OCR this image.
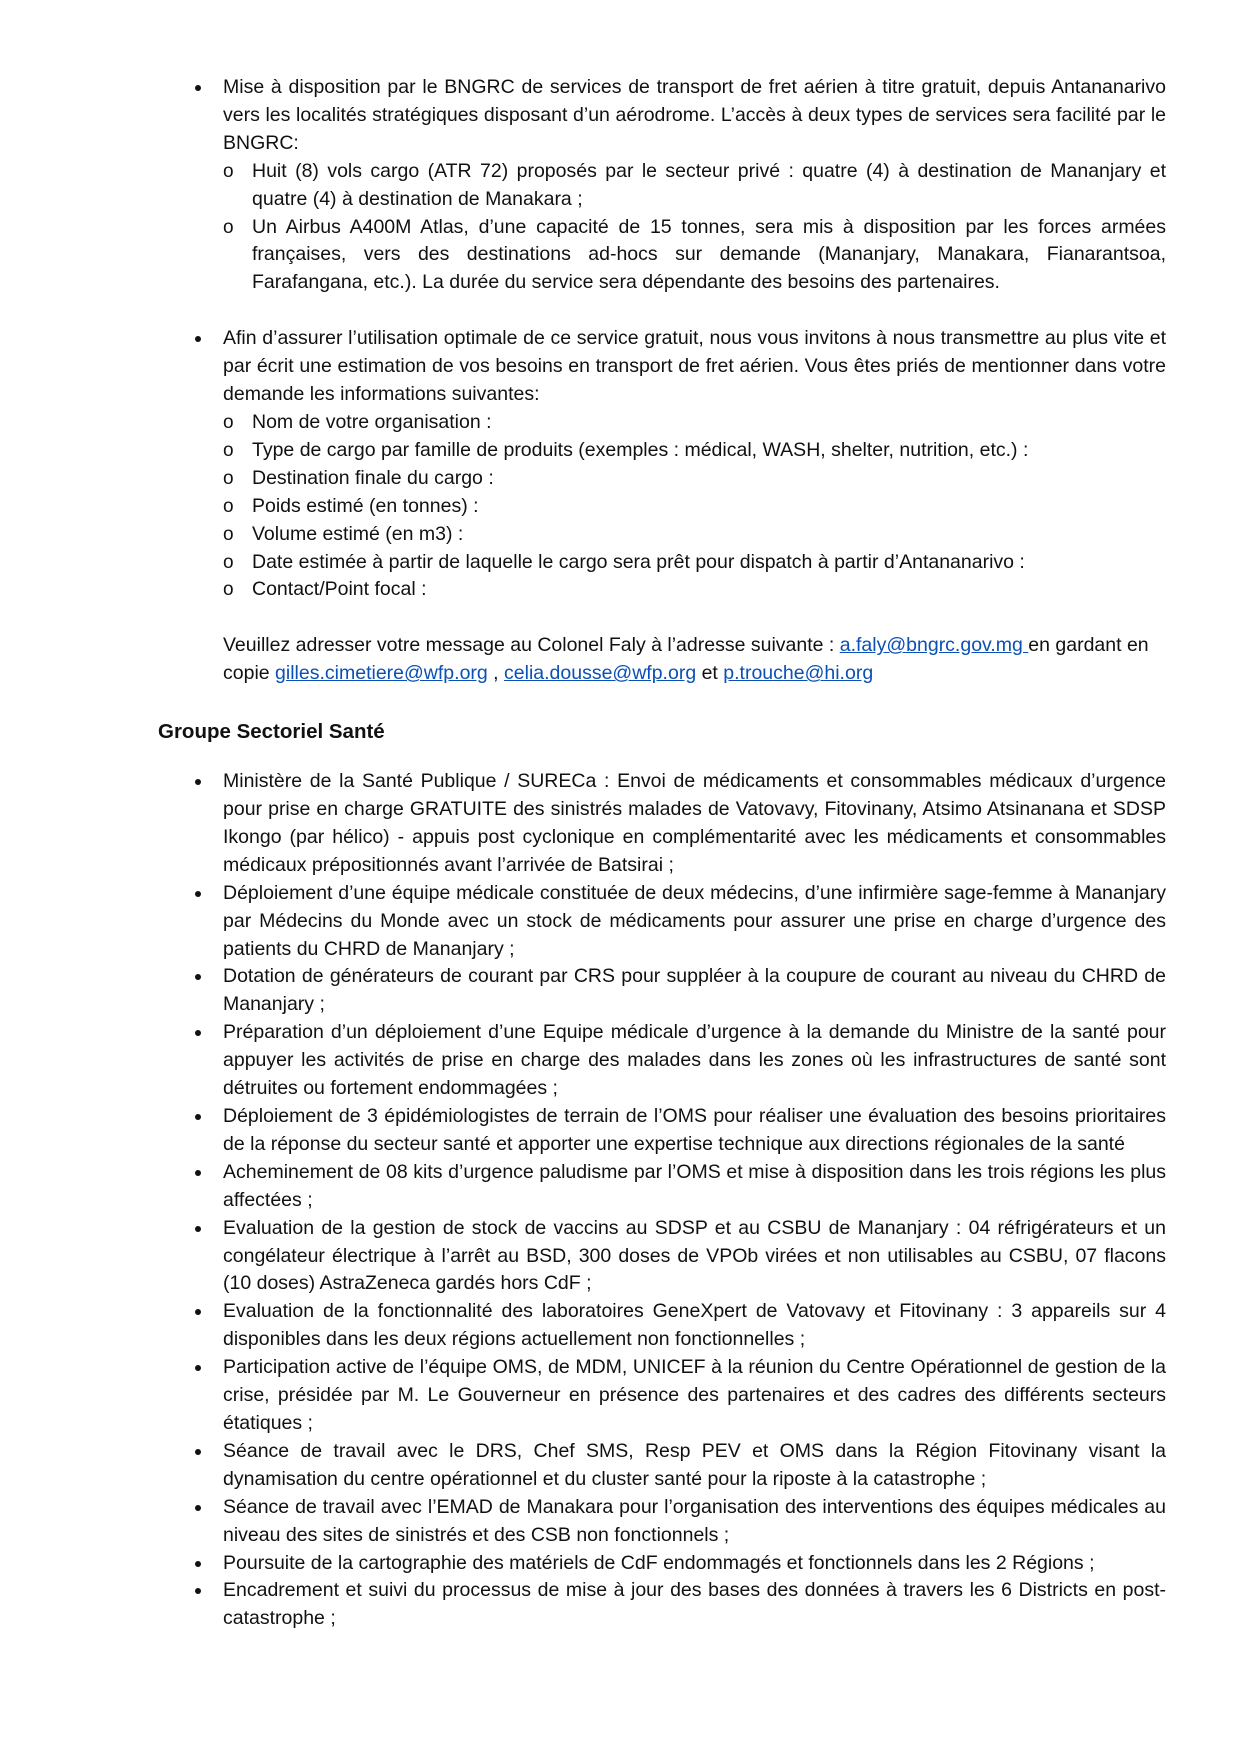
Mise à disposition par le BNGRC de services de transport de fret aérien à titre gratuit, depuis Antananarivo vers les localités stratégiques disposant d’un aérodrome. L’accès à deux types de services sera facilité par le BNGRC:
o Huit (8) vols cargo (ATR 72) proposés par le secteur privé : quatre (4) à destination de Mananjary et quatre (4) à destination de Manakara ;
o Un Airbus A400M Atlas, d’une capacité de 15 tonnes, sera mis à disposition par les forces armées françaises, vers des destinations ad-hocs sur demande (Mananjary, Manakara, Fianarantsoa, Farafangana, etc.). La durée du service sera dépendante des besoins des partenaires.
Afin d’assurer l’utilisation optimale de ce service gratuit, nous vous invitons à nous transmettre au plus vite et par écrit une estimation de vos besoins en transport de fret aérien. Vous êtes priés de mentionner dans votre demande les informations suivantes:
o Nom de votre organisation :
o Type de cargo par famille de produits (exemples : médical, WASH, shelter, nutrition, etc.) :
o Destination finale du cargo :
o Poids estimé (en tonnes) :
o Volume estimé (en m3) :
o Date estimée à partir de laquelle le cargo sera prêt pour dispatch à partir d’Antananarivo :
o Contact/Point focal :

Veuillez adresser votre message au Colonel Faly à l’adresse suivante : a.faly@bngrc.gov.mg en gardant en copie gilles.cimetiere@wfp.org , celia.dousse@wfp.org et p.trouche@hi.org

Groupe Sectoriel Santé
Ministère de la Santé Publique / SURECa : Envoi de médicaments et consommables médicaux d’urgence pour prise en charge GRATUITE des sinistrés malades de Vatovavy, Fitovinany, Atsimo Atsinanana et SDSP Ikongo (par hélico) - appuis post cyclonique en complémentarité avec les médicaments et consommables médicaux prépositionnés avant l’arrivée de Batsirai ;
Déploiement d’une équipe médicale constituée de deux médecins, d’une infirmière sage-femme à Mananjary par Médecins du Monde avec un stock de médicaments pour assurer une prise en charge d’urgence des patients du CHRD de Mananjary ;
Dotation de générateurs de courant par CRS pour suppléer à la coupure de courant au niveau du CHRD de Mananjary ;
Préparation d’un déploiement d’une Equipe médicale d’urgence à la demande du Ministre de la santé pour appuyer les activités de prise en charge des malades dans les zones où les infrastructures de santé sont détruites ou fortement endommagées ;
Déploiement de 3 épidémiologistes de terrain de l’OMS pour réaliser une évaluation des besoins prioritaires de la réponse du secteur santé et apporter une expertise technique aux directions régionales de la santé
Acheminement de 08 kits d’urgence paludisme par l’OMS et mise à disposition dans les trois régions les plus affectées ;
Evaluation de la gestion de stock de vaccins au SDSP et au CSBU de Mananjary : 04 réfrigérateurs et un congélateur électrique à l’arrêt au BSD, 300 doses de VPOb virées et non utilisables au CSBU, 07 flacons (10 doses) AstraZeneca gardés hors CdF ;
Evaluation de la fonctionnalité des laboratoires GeneXpert de Vatovavy et Fitovinany : 3 appareils sur 4 disponibles dans les deux régions actuellement non fonctionnelles ;
Participation active de l’équipe OMS, de MDM, UNICEF à la réunion du Centre Opérationnel de gestion de la crise, présidée par M. Le Gouverneur en présence des partenaires et des cadres des différents secteurs étatiques ;
Séance de travail avec le DRS, Chef SMS, Resp PEV et OMS dans la Région Fitovinany visant la dynamisation du centre opérationnel et du cluster santé pour la riposte à la catastrophe ;
Séance de travail avec l’EMAD de Manakara pour l’organisation des interventions des équipes médicales au niveau des sites de sinistrés et des CSB non fonctionnels ;
Poursuite de la cartographie des matériels de CdF endommagés et fonctionnels dans les 2 Régions ;
Encadrement et suivi du processus de mise à jour des bases des données à travers les 6 Districts en post-catastrophe ;
